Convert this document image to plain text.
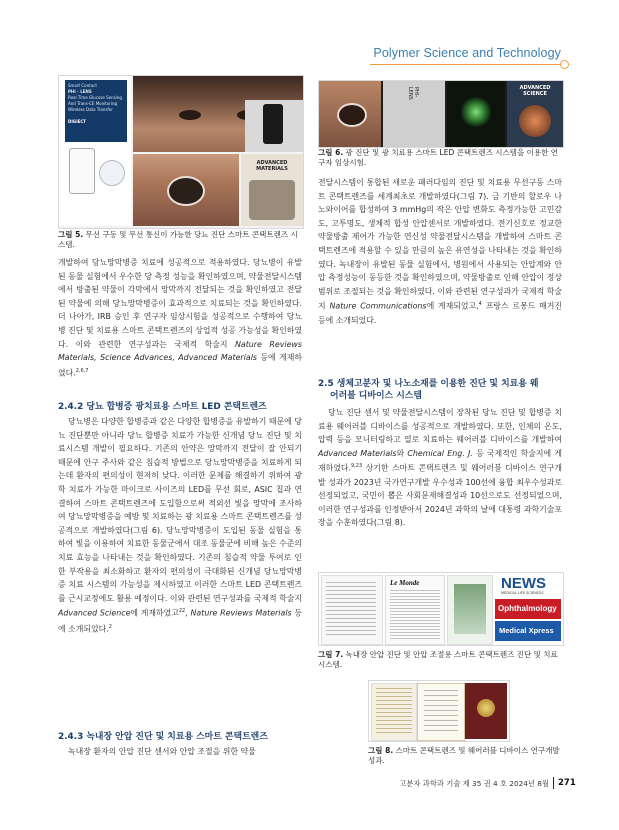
Polymer Science and Technology
Smart Contact
PHI - LENS
Real Time Glucose Sensing
And Trans-CE Monitoring
Wireless Data Transfer
DIGIECT
ADVANCED MATERIALS
그림 5. 무선 구동 및 무선 통신이 가능한 당뇨 진단 스마트 콘택트렌즈 시스템.

개발하여 당뇨망막병증 치료에 성공적으로 적용하였다. 당뇨병이 유발된 동물 실험에서 우수한 당 측정 성능을 확인하였으며, 약물전달시스템에서 방출된 약물이 각막에서 망막까지 전달되는 것을 확인하였고 전달된 약물에 의해 당뇨망막병증이 효과적으로 치료되는 것을 확인하였다. 더 나아가, IRB 승인 후 연구자 임상시험을 성공적으로 수행하여 당뇨병 진단 및 치료용 스마트 콘택트렌즈의 상업적 성공 가능성을 확인하였다. 이와 관련한 연구성과는 국제적 학술지 Nature Reviews Materials, Science Advances, Advanced Materials 등에 게재하였다.$^{2,6,7}$

2.4.2 당뇨 합병증 광치료용 스마트 LED 콘택트렌즈

당뇨병은 다양한 합병증과 같은 다양한 합병증을 유발하기 때문에 당뇨 진단뿐만 아니라 당뇨 합병증 치료가 가능한 신개념 당뇨 진단 및 치료시스템 개발이 필요하다. 기존의 안약은 망막까지 전달이 잘 안되기 때문에 안구 주사와 같은 침습적 방법으로 당뇨망막병증을 치료하게 되는데 환자의 편의성이 현저히 낮다. 이러한 문제를 해결하기 위하여 광학 치료가 가능한 마이크로 사이즈의 LED를 무선 회로, ASIC 칩과 연결하여 스마트 콘택트렌즈에 도입함으로써 적외선 빛을 망막에 조사하여 당뇨망막병증을 예방 및 치료하는 광 치료용 스마트 콘택트렌즈를 성공적으로 개발하였다(그림 6). 당뇨망막병증이 도입된 동물 실험을 통하여 빛을 이용하여 치료한 동물군에서 대조 동물군에 비해 높은 수준의 치료 효능을 나타내는 것을 확인하였다. 기존의 침습적 약물 투여로 인한 부작용을 최소화하고 환자의 편의성이 극대화된 신개념 당뇨망막병증 치료 시스템의 가능성을 제시하였고 이러한 스마트 LED 콘택트렌즈를 근시교정에도 활용 예정이다. 이와 관련된 연구성과를 국제적 학술지 Advanced Science에 게재하였고$^{22}$, Nature Reviews Materials 등에 소개되었다.$^2$

2.4.3 녹내장 안압 진단 및 치료용 스마트 콘택트렌즈

녹내장 환자의 안압 진단 센서와 안압 조절을 위한 약물

PHI-LENS	ADVANCED SCIENCE
그림 6. 광 진단 및 광 치료용 스마트 LED 콘택트렌즈 시스템을 이용한 연구자 임상시험.

전달시스템이 통합된 새로운 패러다임의 진단 및 치료용 무선구동 스마트 콘택트렌즈를 세계최초로 개발하였다(그림 7). 금 기반의 할로우 나노와이어를 합성하여 3 mmHg의 작은 안압 변화도 측정가능한 고민감도, 고투명도, 생체적 합성 안압센서로 개발하였다. 전기신호로 정교한 약물방출 제어가 가능한 연신성 약물전달시스템을 개발하여 스마트 콘택트렌즈에 적용할 수 있을 만큼의 높은 유연성을 나타내는 것을 확인하였다. 녹내장이 유발된 동물 실험에서, 병원에서 사용되는 안압계와 안압 측정성능이 동등한 것을 확인하였으며, 약물방출로 인해 안압이 정상범위로 조절되는 것을 확인하였다. 이와 관련된 연구성과가 국제적 학술지 Nature Communications에 게재되었고,$^4$ 프랑스 르몽드 매거진 등에 소개되었다.

2.5 생체고분자 및 나노소재를 이용한 진단 및 치료용 웨
어러블 디바이스 시스템

당뇨 진단 센서 및 약물전달시스템이 장착된 당뇨 진단 및 합병증 치료용 웨어러블 디바이스를 성공적으로 개발하였다. 또한, 인체의 온도, 압력 등을 모니터링하고 열로 치료하는 웨어러블 디바이스를 개발하여 Advanced Materials와 Chemical Eng. J. 등 국제적인 학술지에 게재하였다.$^{9,23}$ 상기한 스마트 콘택트렌즈 및 웨어러블 디바이스 연구개발 성과가 2023년 국가연구개발 우수성과 100선에 융합 최우수성과로 선정되었고, 국민이 뽑은 사회문제해결성과 10선으로도 선정되었으며, 이러한 연구성과를 인정받아서 2024년 과학의 날에 대통령 과학기술포장을 수훈하였다(그림 8).

Le Monde	NEWS
MEDICAL LIFE SCIENCES
Ophthalmology
Medical Xpress
그림 7. 녹내장 안압 진단 및 안압 조절용 스마트 콘택트렌즈 진단 및 치료 시스템.
그림 8. 스마트 콘택트렌즈 및 웨어러블 디바이스 연구개발 성과.
고분자 과학과 기술 제 35 권 4 호 2024년 8월 271
